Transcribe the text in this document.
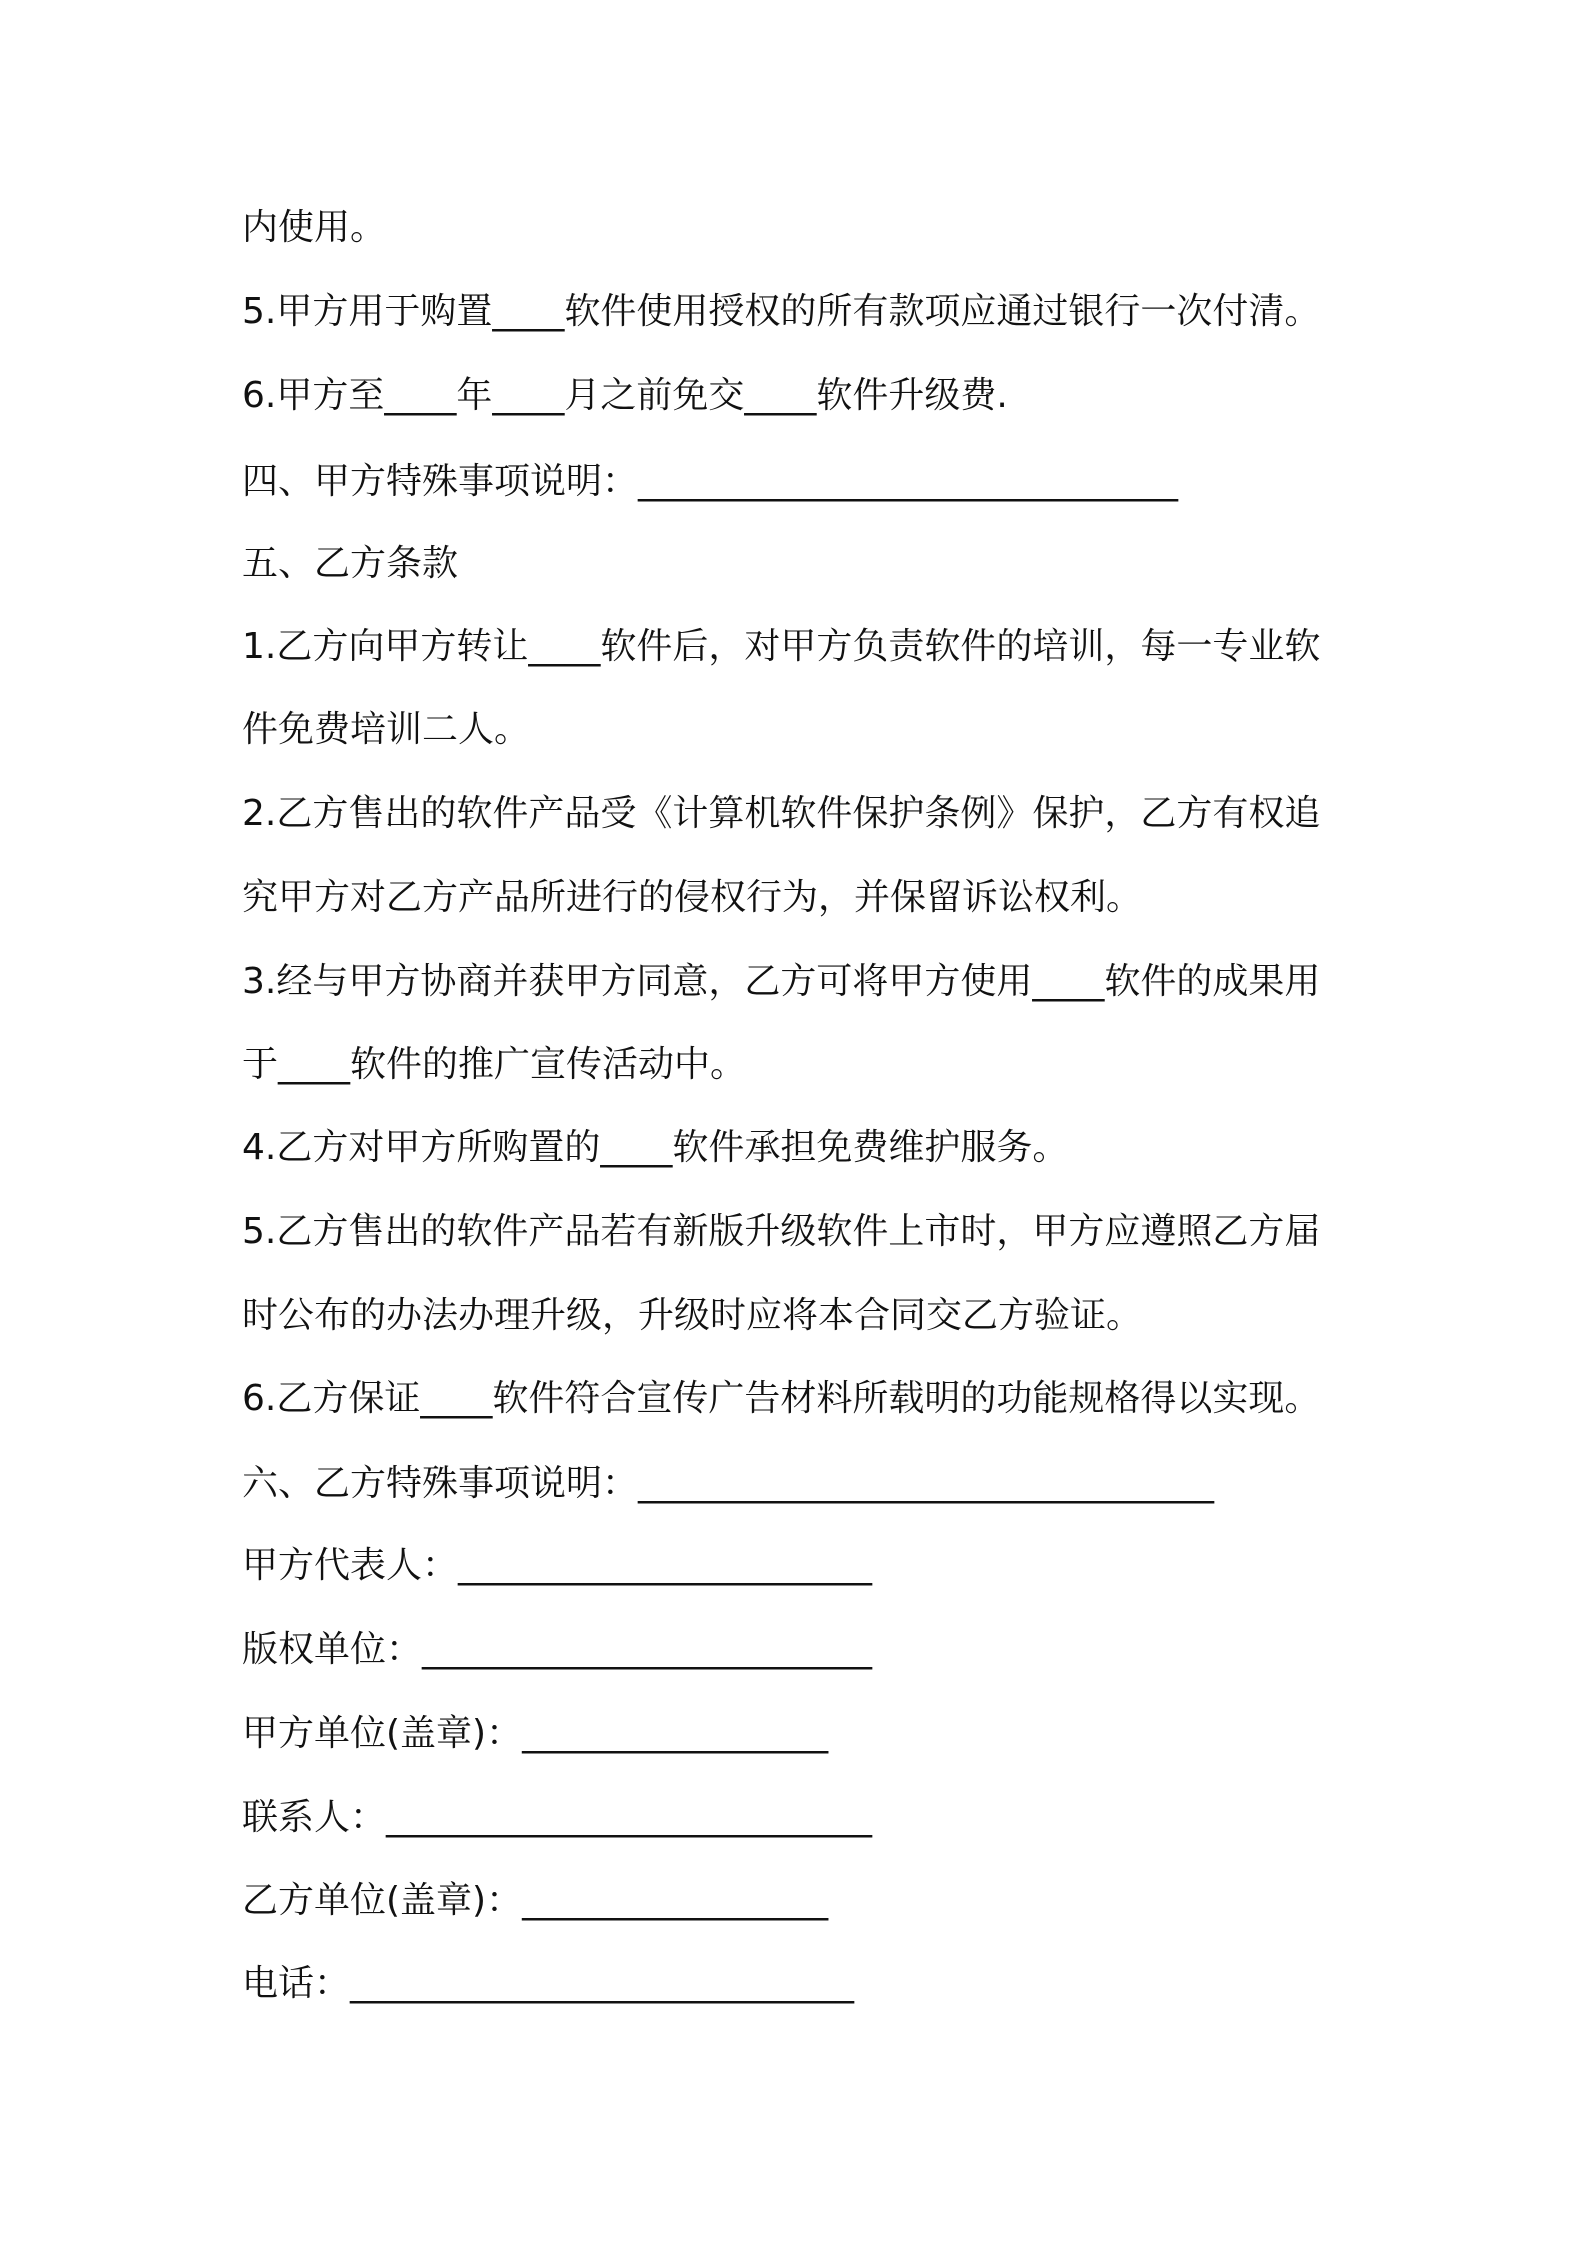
内使用。
5.甲方用于购置____软件使用授权的所有款项应通过银行一次付清。
6.甲方至____年____月之前免交____软件升级费.
四、甲方特殊事项说明：______________________________
五、乙方条款
1.乙方向甲方转让____软件后，对甲方负责软件的培训，每一专业软
件免费培训二人。
2.乙方售出的软件产品受《计算机软件保护条例》保护，乙方有权追
究甲方对乙方产品所进行的侵权行为，并保留诉讼权利。
3.经与甲方协商并获甲方同意，乙方可将甲方使用____软件的成果用
于____软件的推广宣传活动中。
4.乙方对甲方所购置的____软件承担免费维护服务。
5.乙方售出的软件产品若有新版升级软件上市时，甲方应遵照乙方届
时公布的办法办理升级，升级时应将本合同交乙方验证。
6.乙方保证____软件符合宣传广告材料所载明的功能规格得以实现。
六、乙方特殊事项说明：________________________________
甲方代表人：_______________________
版权单位：_________________________
甲方单位(盖章)：_________________
联系人：___________________________
乙方单位(盖章)：_________________
电话：____________________________
